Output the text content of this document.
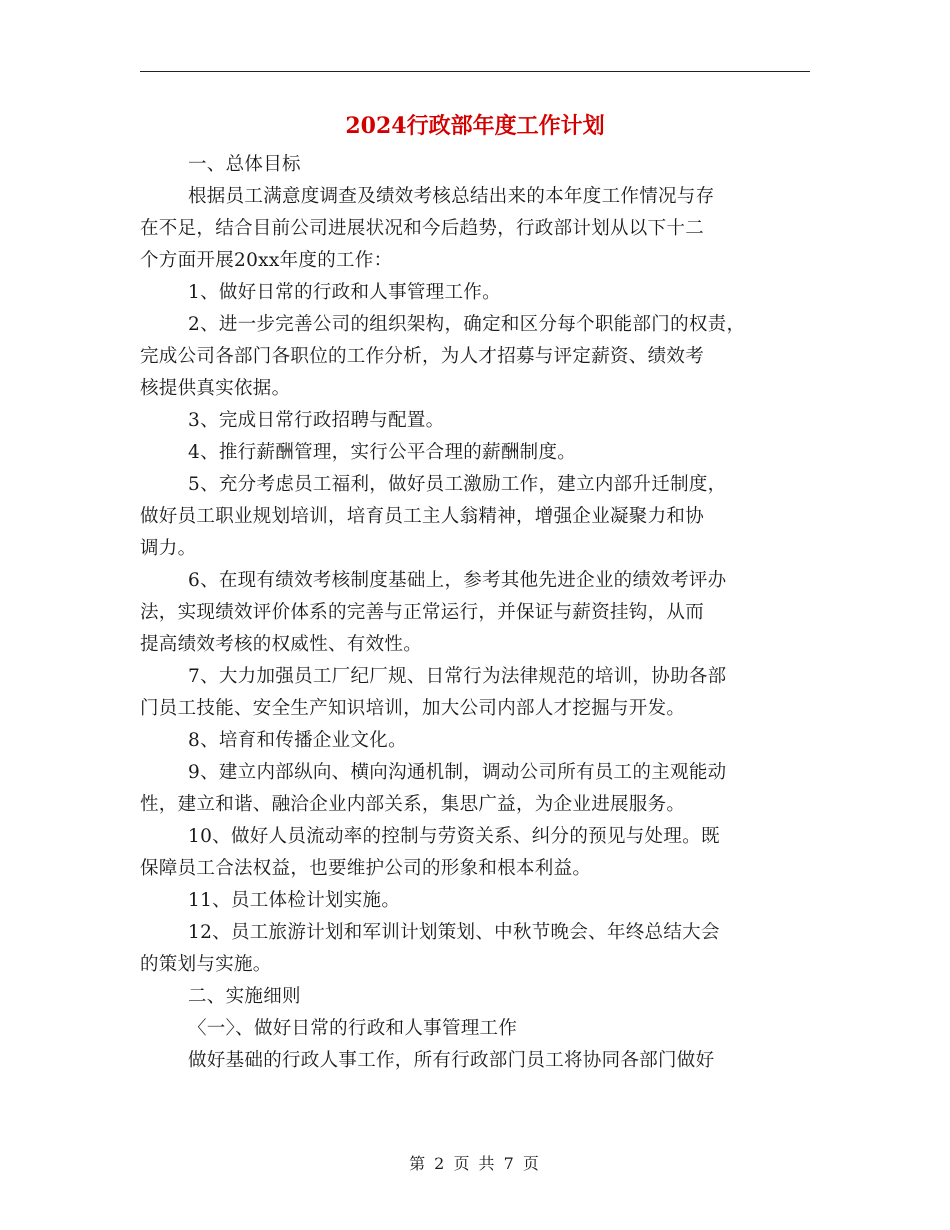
2024行政部年度工作计划
一、总体目标
根据员工满意度调查及绩效考核总结出来的本年度工作情况与存
在不足，结合目前公司进展状况和今后趋势，行政部计划从以下十二
个方面开展20xx年度的工作：
1、做好日常的行政和人事管理工作。
2、进一步完善公司的组织架构，确定和区分每个职能部门的权责，
完成公司各部门各职位的工作分析，为人才招募与评定薪资、绩效考
核提供真实依据。
3、完成日常行政招聘与配置。
4、推行薪酬管理，实行公平合理的薪酬制度。
5、充分考虑员工福利，做好员工激励工作，建立内部升迁制度，
做好员工职业规划培训，培育员工主人翁精神，增强企业凝聚力和协
调力。
6、在现有绩效考核制度基础上，参考其他先进企业的绩效考评办
法，实现绩效评价体系的完善与正常运行，并保证与薪资挂钩，从而
提高绩效考核的权威性、有效性。
7、大力加强员工厂纪厂规、日常行为法律规范的培训，协助各部
门员工技能、安全生产知识培训，加大公司内部人才挖掘与开发。
8、培育和传播企业文化。
9、建立内部纵向、横向沟通机制，调动公司所有员工的主观能动
性，建立和谐、融洽企业内部关系，集思广益，为企业进展服务。
10、做好人员流动率的控制与劳资关系、纠分的预见与处理。既
保障员工合法权益，也要维护公司的形象和根本利益。
11、员工体检计划实施。
12、员工旅游计划和军训计划策划、中秋节晚会、年终总结大会
的策划与实施。
二、实施细则
〈一〉、做好日常的行政和人事管理工作
做好基础的行政人事工作，所有行政部门员工将协同各部门做好
第 2 页 共 7 页
